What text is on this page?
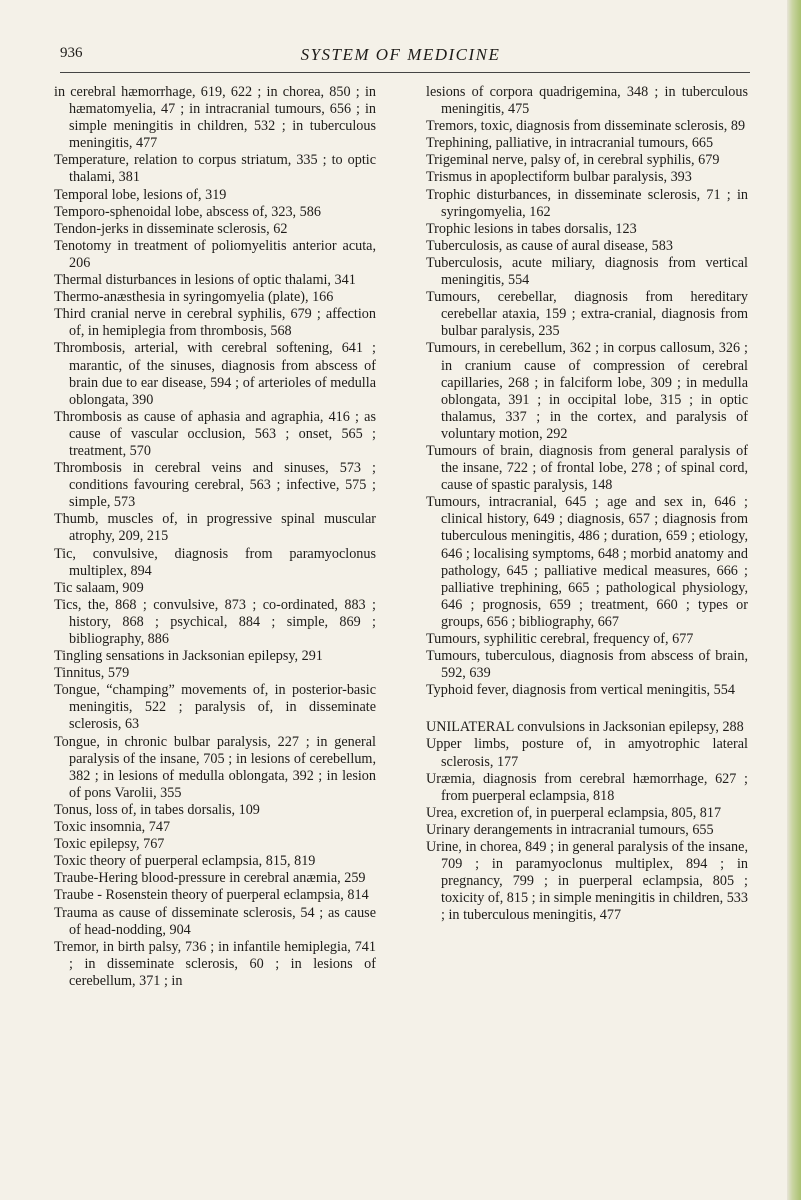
936	SYSTEM OF MEDICINE

in cerebral hæmorrhage, 619, 622 ; in chorea, 850 ; in hæmatomyelia, 47 ; in intracranial tumours, 656 ; in simple meningitis in children, 532 ; in tuberculous meningitis, 477

Temperature, relation to corpus striatum, 335 ; to optic thalami, 381

Temporal lobe, lesions of, 319

Temporo-sphenoidal lobe, abscess of, 323, 586

Tendon-jerks in disseminate sclerosis, 62

Tenotomy in treatment of poliomyelitis anterior acuta, 206

Thermal disturbances in lesions of optic thalami, 341

Thermo-anæsthesia in syringomyelia (plate), 166

Third cranial nerve in cerebral syphilis, 679 ; affection of, in hemiplegia from thrombosis, 568

Thrombosis, arterial, with cerebral softening, 641 ; marantic, of the sinuses, diagnosis from abscess of brain due to ear disease, 594 ; of arterioles of medulla oblongata, 390

Thrombosis as cause of aphasia and agraphia, 416 ; as cause of vascular occlusion, 563 ; onset, 565 ; treatment, 570

Thrombosis in cerebral veins and sinuses, 573 ; conditions favouring cerebral, 563 ; infective, 575 ; simple, 573

Thumb, muscles of, in progressive spinal muscular atrophy, 209, 215

Tic, convulsive, diagnosis from paramyoclonus multiplex, 894

Tic salaam, 909

Tics, the, 868 ; convulsive, 873 ; co-ordinated, 883 ; history, 868 ; psychical, 884 ; simple, 869 ; bibliography, 886

Tingling sensations in Jacksonian epilepsy, 291

Tinnitus, 579

Tongue, “champing” movements of, in posterior-basic meningitis, 522 ; paralysis of, in disseminate sclerosis, 63

Tongue, in chronic bulbar paralysis, 227 ; in general paralysis of the insane, 705 ; in lesions of cerebellum, 382 ; in lesions of medulla oblongata, 392 ; in lesion of pons Varolii, 355

Tonus, loss of, in tabes dorsalis, 109

Toxic insomnia, 747

Toxic epilepsy, 767

Toxic theory of puerperal eclampsia, 815, 819

Traube-Hering blood-pressure in cerebral anæmia, 259

Traube - Rosenstein theory of puerperal eclampsia, 814

Trauma as cause of disseminate sclerosis, 54 ; as cause of head-nodding, 904

Tremor, in birth palsy, 736 ; in infantile hemiplegia, 741 ; in disseminate sclerosis, 60 ; in lesions of cerebellum, 371 ; in

lesions of corpora quadrigemina, 348 ; in tuberculous meningitis, 475

Tremors, toxic, diagnosis from disseminate sclerosis, 89

Trephining, palliative, in intracranial tumours, 665

Trigeminal nerve, palsy of, in cerebral syphilis, 679

Trismus in apoplectiform bulbar paralysis, 393

Trophic disturbances, in disseminate sclerosis, 71 ; in syringomyelia, 162

Trophic lesions in tabes dorsalis, 123

Tuberculosis, as cause of aural disease, 583

Tuberculosis, acute miliary, diagnosis from vertical meningitis, 554

Tumours, cerebellar, diagnosis from hereditary cerebellar ataxia, 159 ; extra-cranial, diagnosis from bulbar paralysis, 235

Tumours, in cerebellum, 362 ; in corpus callosum, 326 ; in cranium cause of compression of cerebral capillaries, 268 ; in falciform lobe, 309 ; in medulla oblongata, 391 ; in occipital lobe, 315 ; in optic thalamus, 337 ; in the cortex, and paralysis of voluntary motion, 292

Tumours of brain, diagnosis from general paralysis of the insane, 722 ; of frontal lobe, 278 ; of spinal cord, cause of spastic paralysis, 148

Tumours, intracranial, 645 ; age and sex in, 646 ; clinical history, 649 ; diagnosis, 657 ; diagnosis from tuberculous meningitis, 486 ; duration, 659 ; etiology, 646 ; localising symptoms, 648 ; morbid anatomy and pathology, 645 ; palliative medical measures, 666 ; palliative trephining, 665 ; pathological physiology, 646 ; prognosis, 659 ; treatment, 660 ; types or groups, 656 ; bibliography, 667

Tumours, syphilitic cerebral, frequency of, 677

Tumours, tuberculous, diagnosis from abscess of brain, 592, 639

Typhoid fever, diagnosis from vertical meningitis, 554

UNILATERAL convulsions in Jacksonian epilepsy, 288

Upper limbs, posture of, in amyotrophic lateral sclerosis, 177

Uræmia, diagnosis from cerebral hæmorrhage, 627 ; from puerperal eclampsia, 818

Urea, excretion of, in puerperal eclampsia, 805, 817

Urinary derangements in intracranial tumours, 655

Urine, in chorea, 849 ; in general paralysis of the insane, 709 ; in paramyoclonus multiplex, 894 ; in pregnancy, 799 ; in puerperal eclampsia, 805 ; toxicity of, 815 ; in simple meningitis in children, 533 ; in tuberculous meningitis, 477
